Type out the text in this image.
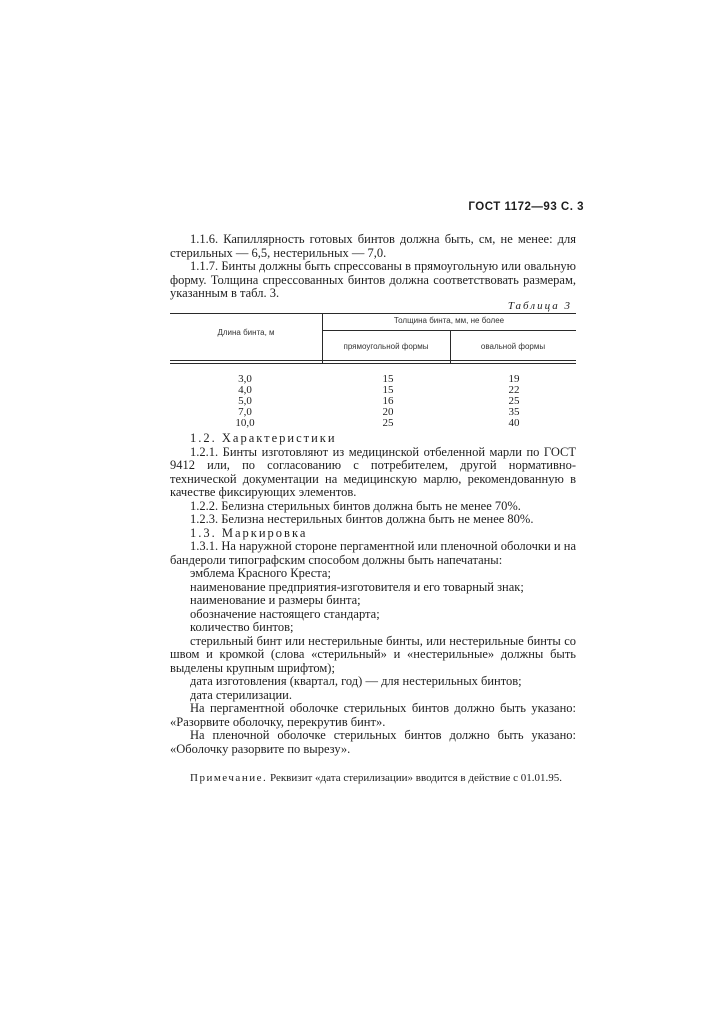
ГОСТ 1172—93 С. 3

1.1.6. Капиллярность готовых бинтов должна быть, см, не менее: для стерильных — 6,5, нестерильных — 7,0.

1.1.7. Бинты должны быть спрессованы в прямоугольную или овальную форму. Толщина спрессованных бинтов должна соответствовать размерам, указанным в табл. 3.

Таблица 3
Длина бинта, м
Толщина бинта, мм, не более
прямоугольной формы	овальной формы
3,0	15	19
4,0	15	22
5,0	16	25
7,0	20	35
10,0	25	40

1.2. Характеристики

1.2.1. Бинты изготовляют из медицинской отбеленной марли по ГОСТ 9412 или, по согласованию с потребителем, другой нормативно-технической документации на медицинскую марлю, рекомендованную в качестве фиксирующих элементов.

1.2.2. Белизна стерильных бинтов должна быть не менее 70%.

1.2.3. Белизна нестерильных бинтов должна быть не менее 80%.

1.3. Маркировка

1.3.1. На наружной стороне пергаментной или пленочной оболочки и на бандероли типографским способом должны быть напечатаны:

эмблема Красного Креста;

наименование предприятия-изготовителя и его товарный знак;

наименование и размеры бинта;

обозначение настоящего стандарта;

количество бинтов;

стерильный бинт или нестерильные бинты, или нестерильные бинты со швом и кромкой (слова «стерильный» и «нестерильные» должны быть выделены крупным шрифтом);

дата изготовления (квартал, год) — для нестерильных бинтов;

дата стерилизации.

На пергаментной оболочке стерильных бинтов должно быть указано: «Разорвите оболочку, перекрутив бинт».

На пленочной оболочке стерильных бинтов должно быть указано: «Оболочку разорвите по вырезу».

Примечание. Реквизит «дата стерилизации» вводится в действие с 01.01.95.
